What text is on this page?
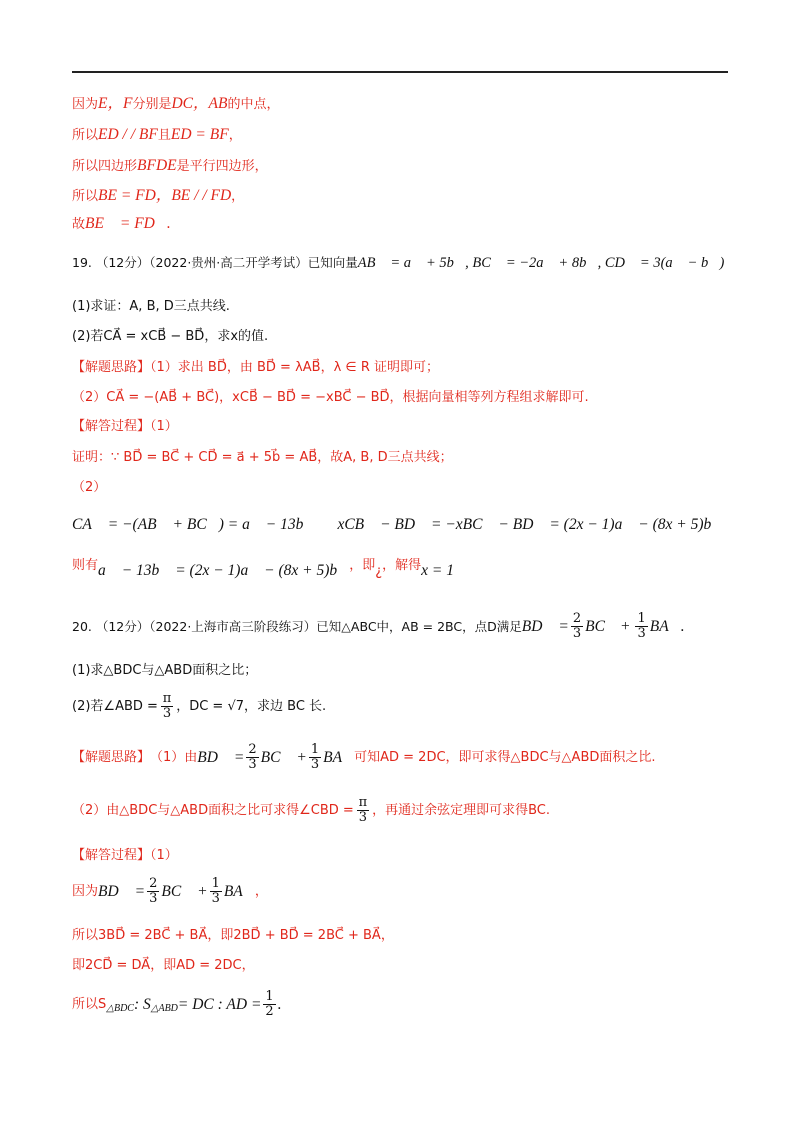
因为E，F分别是DC，AB的中点，
所以ED / / BF且ED = BF，
所以四边形BFDE是平行四边形，
所以BE = FD，BE / / FD，
故BE⃗ = FD⃗.
19. （12分）（2022·贵州·高二开学考试）已知向量AB⃗ = a⃗ + 5b⃗, BC⃗ = −2a⃗ + 8b⃗, CD⃗ = 3(a⃗ − b⃗)
(1)求证：A, B, D三点共线.
(2)若CA⃗ = xCB⃗ − BD⃗，求x的值.
【解题思路】（1）求出 BD⃗，由 BD⃗ = λAB⃗，λ ∈ R 证明即可；
（2）CA⃗ = −(AB⃗ + BC⃗)，xCB⃗ − BD⃗ = −xBC⃗ − BD⃗，根据向量相等列方程组求解即可.
【解答过程】（1）
证明：∵ BD⃗ = BC⃗ + CD⃗ = a⃗ + 5b⃗ = AB⃗，故A, B, D三点共线；
（2）
CA⃗ = −(AB⃗ + BC⃗) = a⃗ − 13b⃗ xCB⃗ − BD⃗ = −xBC⃗ − BD⃗ = (2x − 1)a⃗ − (8x + 5)b⃗
则有a⃗ − 13b⃗ = (2x − 1)a⃗ − (8x + 5)b⃗，即¿，解得x = 1
20. （12分）（2022·上海市高三阶段练习）已知△ABC中，AB = 2BC，点D满足 BD⃗ = $\frac{2}{3}$ BC⃗ + $\frac{1}{3}$ BA⃗.
(1)求△BDC与△ABD面积之比；
(2)若∠ABD = $\frac{\pi}{3}$ ，DC = √7，求边 BC 长.
【解题思路】 （1）由 BD⃗ = $\frac{2}{3}$ BC⃗ + $\frac{1}{3}$ BA⃗ 可知AD = 2DC，即可求得△BDC与△ABD面积之比.
（2）由△BDC与△ABD面积之比可求得∠CBD = $\frac{\pi}{3}$ ，再通过余弦定理即可求得BC.
【解答过程】（1）
因为 BD⃗ = $\frac{2}{3}$ BC⃗ + $\frac{1}{3}$ BA⃗ ，
所以3BD⃗ = 2BC⃗ + BA⃗，即2BD⃗ + BD⃗ = 2BC⃗ + BA⃗，
即2CD⃗ = DA⃗，即AD = 2DC，
所以S △BDC : S △ABD = DC : AD = $\frac{1}{2}$ .
